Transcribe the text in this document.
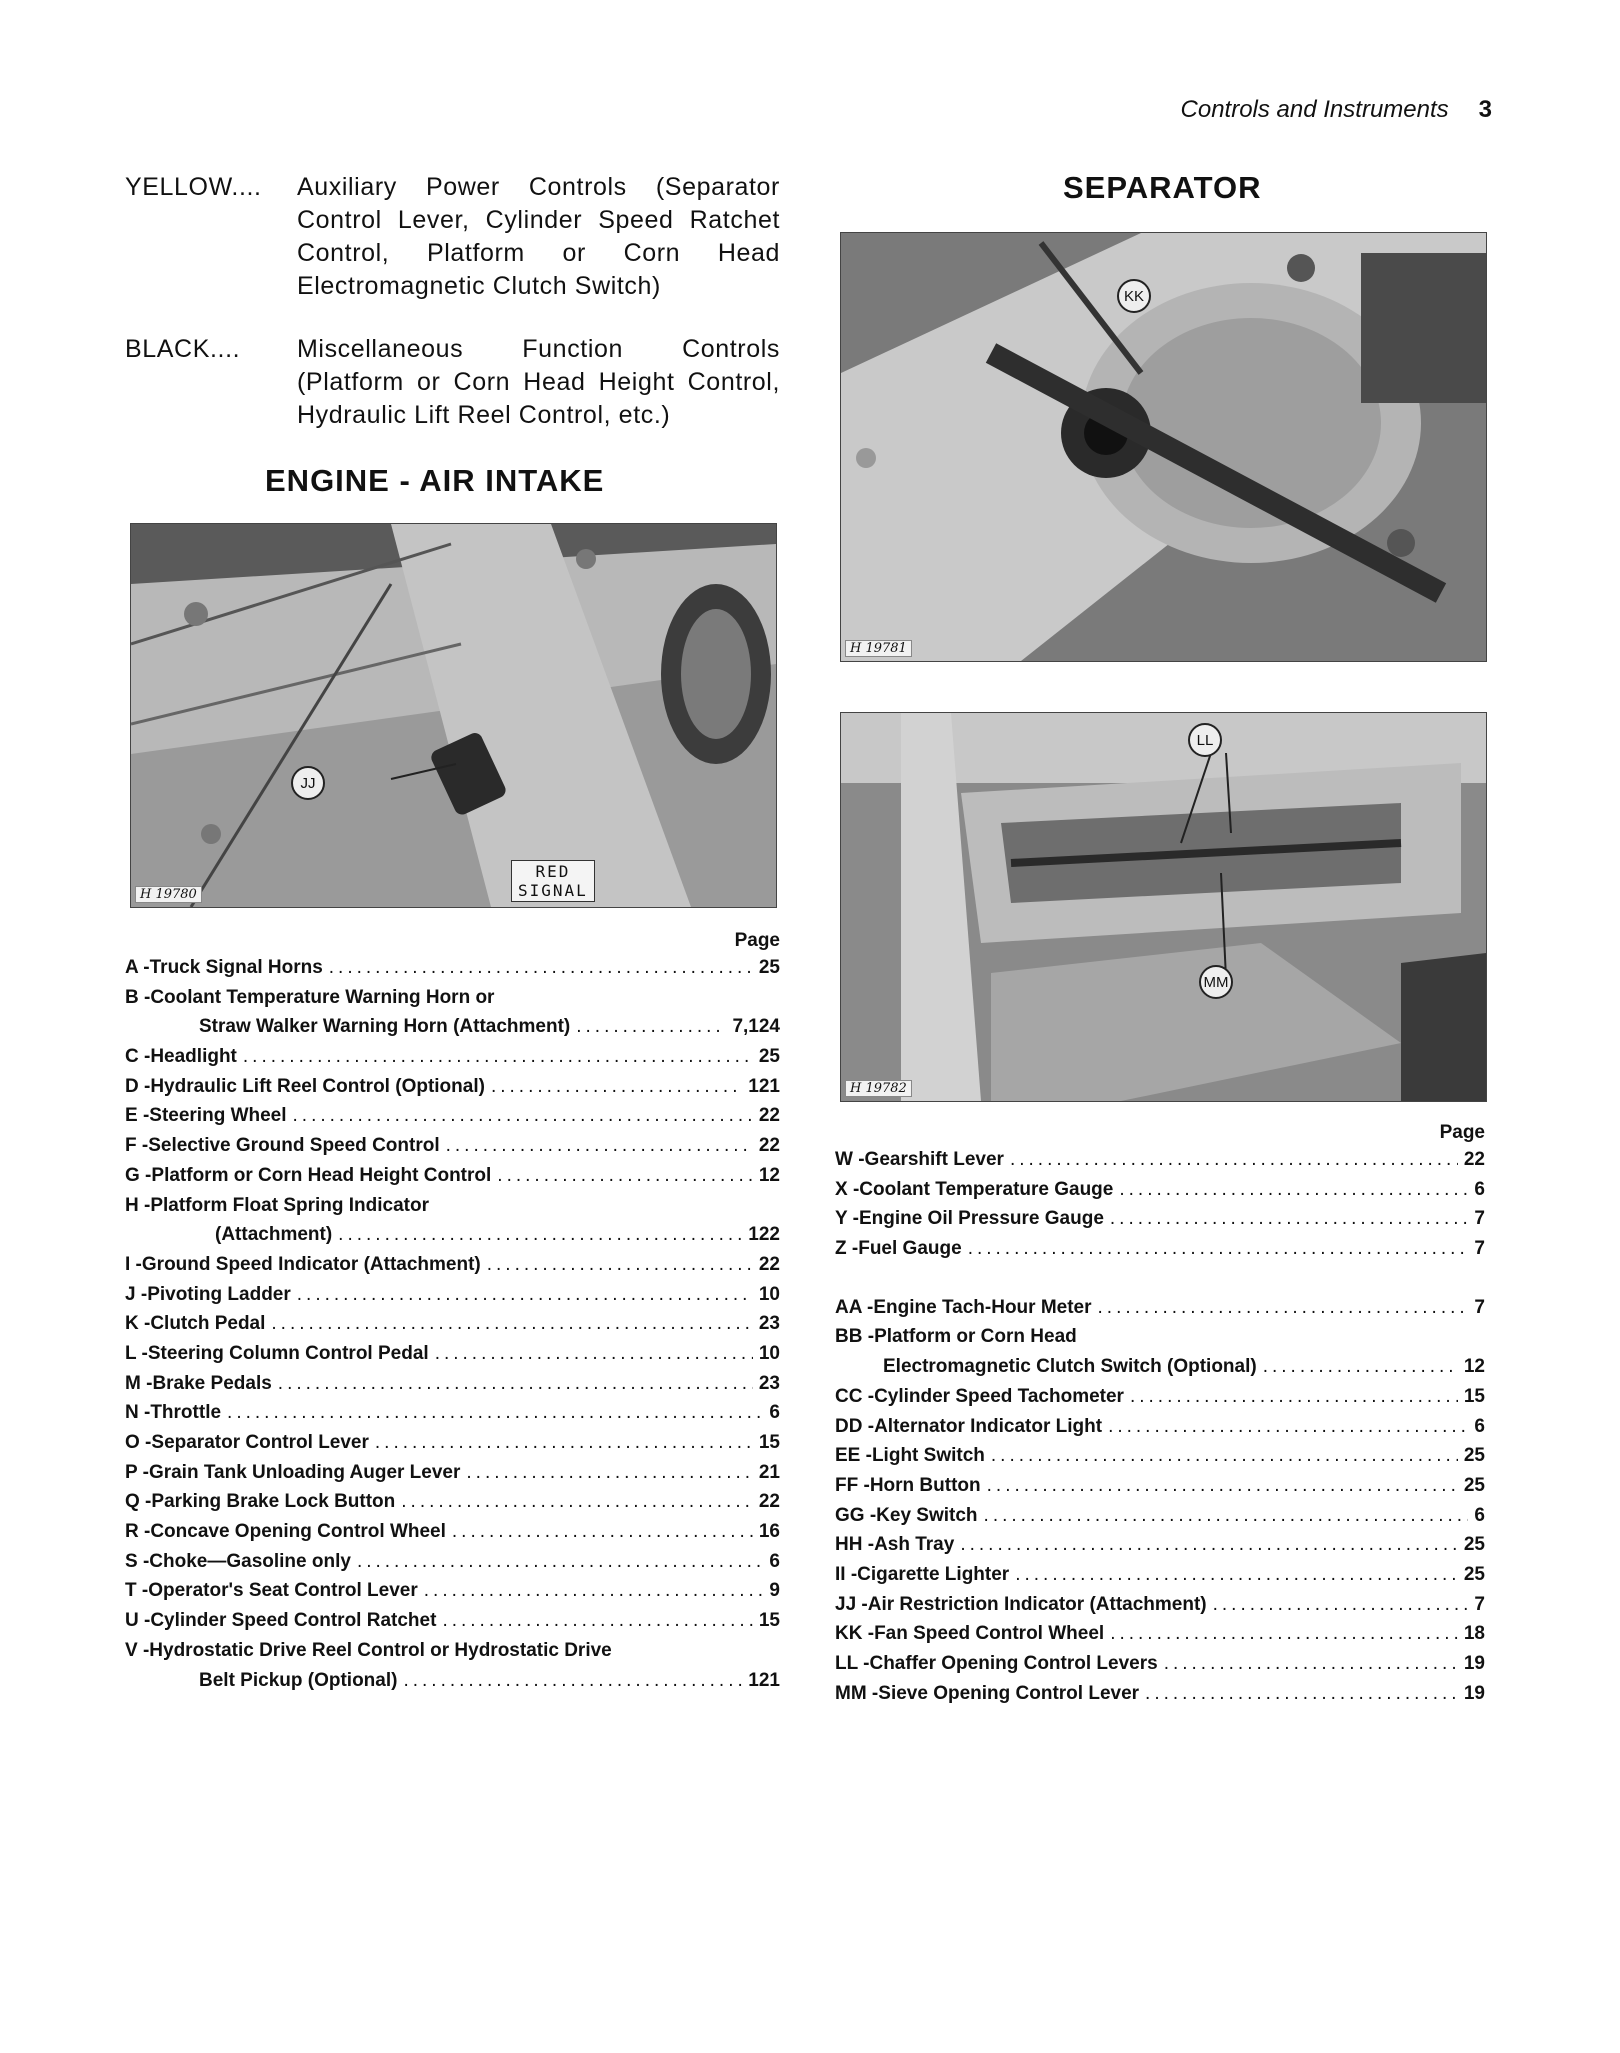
Controls and Instruments 3
YELLOW....	Auxiliary Power Controls (Separator Control Lever, Cylinder Speed Ratchet Control, Platform or Corn Head Electromagnetic Clutch Switch)
BLACK....	Miscellaneous Function Controls (Platform or Corn Head Height Control, Hydraulic Lift Reel Control, etc.)
ENGINE - AIR INTAKE
SEPARATOR
JJ
RED
SIGNAL
H 19780
KK
H 19781
LL
MM
H 19782
Page
A - Truck Signal Horns .....	25
B - Coolant Temperature Warning Horn or
Straw Walker Warning Horn (Attachment) .....	7,124
C - Headlight .....	25
D - Hydraulic Lift Reel Control (Optional) .....	121
E - Steering Wheel .....	22
F - Selective Ground Speed Control .....	22
G - Platform or Corn Head Height Control .....	12
H - Platform Float Spring Indicator
(Attachment) .....	122
I - Ground Speed Indicator (Attachment) .....	22
J - Pivoting Ladder .....	10
K - Clutch Pedal .....	23
L - Steering Column Control Pedal .....	10
M - Brake Pedals .....	23
N - Throttle .....	6
O - Separator Control Lever .....	15
P - Grain Tank Unloading Auger Lever .....	21
Q - Parking Brake Lock Button .....	22
R - Concave Opening Control Wheel .....	16
S - Choke—Gasoline only .....	6
T - Operator's Seat Control Lever .....	9
U - Cylinder Speed Control Ratchet .....	15
V - Hydrostatic Drive Reel Control or Hydrostatic Drive
Belt Pickup (Optional) .....	121
Page
W - Gearshift Lever .....	22
X - Coolant Temperature Gauge .....	6
Y - Engine Oil Pressure Gauge .....	7
Z - Fuel Gauge .....	7
AA - Engine Tach-Hour Meter .....	7
BB - Platform or Corn Head
Electromagnetic Clutch Switch (Optional) .....	12
CC - Cylinder Speed Tachometer .....	15
DD - Alternator Indicator Light .....	6
EE - Light Switch .....	25
FF - Horn Button .....	25
GG - Key Switch .....	6
HH - Ash Tray .....	25
II - Cigarette Lighter .....	25
JJ - Air Restriction Indicator (Attachment) .....	7
KK - Fan Speed Control Wheel .....	18
LL - Chaffer Opening Control Levers .....	19
MM - Sieve Opening Control Lever .....	19
